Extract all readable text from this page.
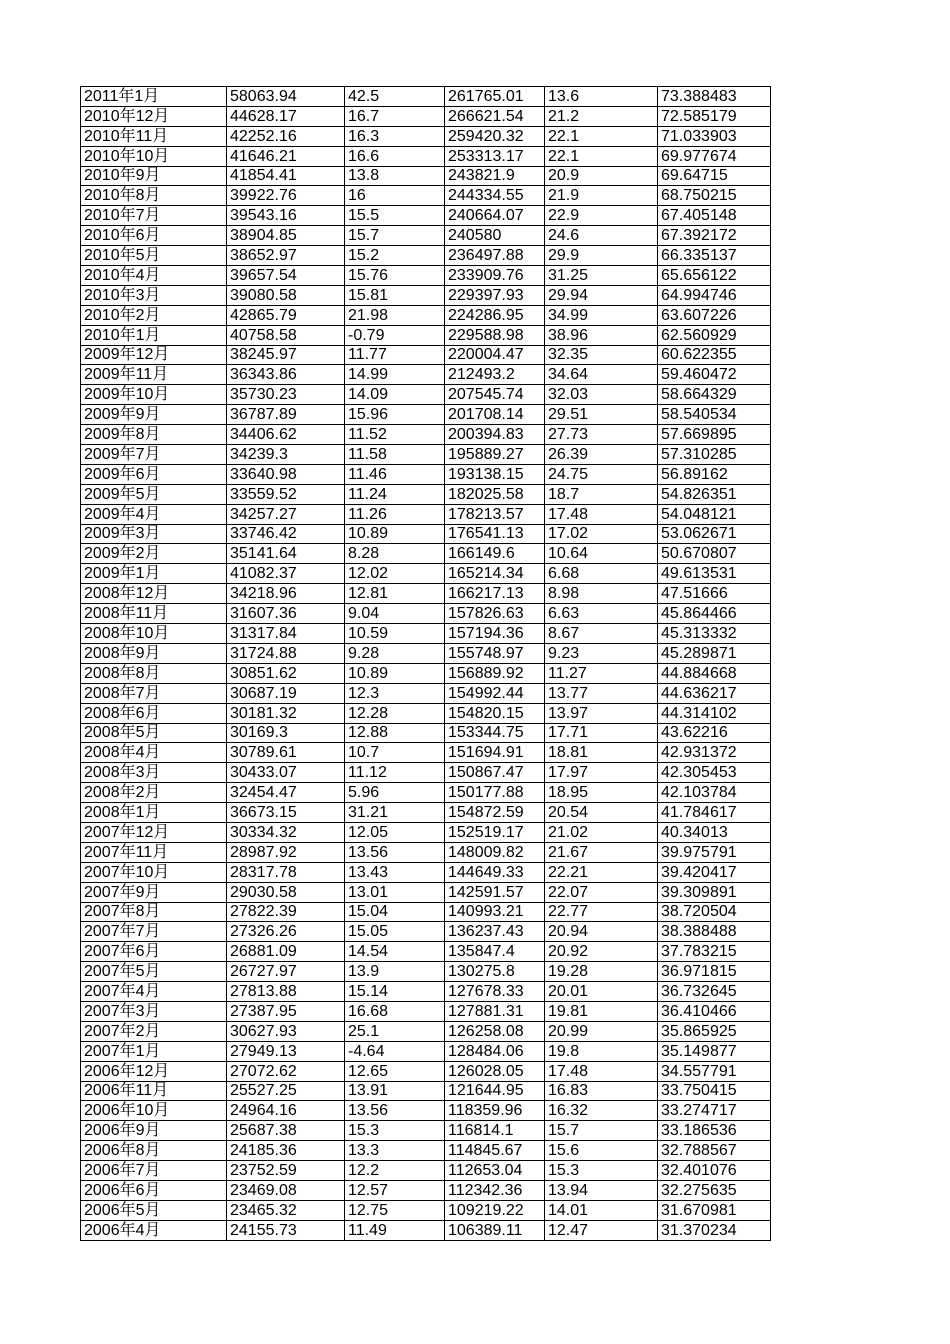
2011年1月	58063.94	42.5	261765.01	13.6	73.388483
2010年12月	44628.17	16.7	266621.54	21.2	72.585179
2010年11月	42252.16	16.3	259420.32	22.1	71.033903
2010年10月	41646.21	16.6	253313.17	22.1	69.977674
2010年9月	41854.41	13.8	243821.9	20.9	69.64715
2010年8月	39922.76	16	244334.55	21.9	68.750215
2010年7月	39543.16	15.5	240664.07	22.9	67.405148
2010年6月	38904.85	15.7	240580	24.6	67.392172
2010年5月	38652.97	15.2	236497.88	29.9	66.335137
2010年4月	39657.54	15.76	233909.76	31.25	65.656122
2010年3月	39080.58	15.81	229397.93	29.94	64.994746
2010年2月	42865.79	21.98	224286.95	34.99	63.607226
2010年1月	40758.58	-0.79	229588.98	38.96	62.560929
2009年12月	38245.97	11.77	220004.47	32.35	60.622355
2009年11月	36343.86	14.99	212493.2	34.64	59.460472
2009年10月	35730.23	14.09	207545.74	32.03	58.664329
2009年9月	36787.89	15.96	201708.14	29.51	58.540534
2009年8月	34406.62	11.52	200394.83	27.73	57.669895
2009年7月	34239.3	11.58	195889.27	26.39	57.310285
2009年6月	33640.98	11.46	193138.15	24.75	56.89162
2009年5月	33559.52	11.24	182025.58	18.7	54.826351
2009年4月	34257.27	11.26	178213.57	17.48	54.048121
2009年3月	33746.42	10.89	176541.13	17.02	53.062671
2009年2月	35141.64	8.28	166149.6	10.64	50.670807
2009年1月	41082.37	12.02	165214.34	6.68	49.613531
2008年12月	34218.96	12.81	166217.13	8.98	47.51666
2008年11月	31607.36	9.04	157826.63	6.63	45.864466
2008年10月	31317.84	10.59	157194.36	8.67	45.313332
2008年9月	31724.88	9.28	155748.97	9.23	45.289871
2008年8月	30851.62	10.89	156889.92	11.27	44.884668
2008年7月	30687.19	12.3	154992.44	13.77	44.636217
2008年6月	30181.32	12.28	154820.15	13.97	44.314102
2008年5月	30169.3	12.88	153344.75	17.71	43.62216
2008年4月	30789.61	10.7	151694.91	18.81	42.931372
2008年3月	30433.07	11.12	150867.47	17.97	42.305453
2008年2月	32454.47	5.96	150177.88	18.95	42.103784
2008年1月	36673.15	31.21	154872.59	20.54	41.784617
2007年12月	30334.32	12.05	152519.17	21.02	40.34013
2007年11月	28987.92	13.56	148009.82	21.67	39.975791
2007年10月	28317.78	13.43	144649.33	22.21	39.420417
2007年9月	29030.58	13.01	142591.57	22.07	39.309891
2007年8月	27822.39	15.04	140993.21	22.77	38.720504
2007年7月	27326.26	15.05	136237.43	20.94	38.388488
2007年6月	26881.09	14.54	135847.4	20.92	37.783215
2007年5月	26727.97	13.9	130275.8	19.28	36.971815
2007年4月	27813.88	15.14	127678.33	20.01	36.732645
2007年3月	27387.95	16.68	127881.31	19.81	36.410466
2007年2月	30627.93	25.1	126258.08	20.99	35.865925
2007年1月	27949.13	-4.64	128484.06	19.8	35.149877
2006年12月	27072.62	12.65	126028.05	17.48	34.557791
2006年11月	25527.25	13.91	121644.95	16.83	33.750415
2006年10月	24964.16	13.56	118359.96	16.32	33.274717
2006年9月	25687.38	15.3	116814.1	15.7	33.186536
2006年8月	24185.36	13.3	114845.67	15.6	32.788567
2006年7月	23752.59	12.2	112653.04	15.3	32.401076
2006年6月	23469.08	12.57	112342.36	13.94	32.275635
2006年5月	23465.32	12.75	109219.22	14.01	31.670981
2006年4月	24155.73	11.49	106389.11	12.47	31.370234
